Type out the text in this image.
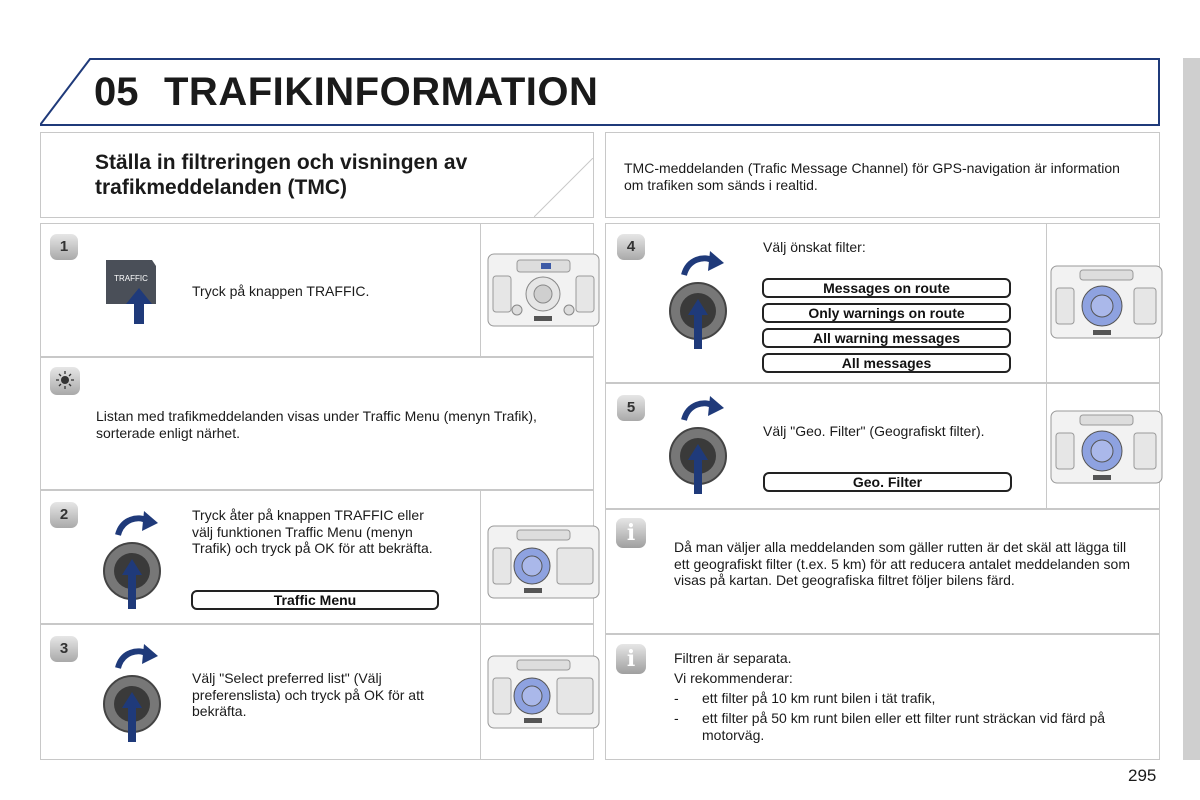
05 TRAFIKINFORMATION
Ställa in filtreringen och visningen av
trafikmeddelanden (TMC)
TMC-meddelanden (Trafic Message Channel) för GPS-navigation är information om trafiken som sänds i realtid.
1
TRAFFIC
Tryck på knappen TRAFFIC.
Listan med trafikmeddelanden visas under Traffic Menu (menyn Trafik), sorterade enligt närhet.
2	Tryck åter på knappen TRAFFIC eller välj funktionen Traffic Menu (menyn Trafik) och tryck på OK för att bekräfta.
Traffic Menu
3
Välj "Select preferred list" (Välj preferenslista) och tryck på OK för att bekräfta.
4	Välj önskat filter:
Messages on route
Only warnings on route
All warning messages
All messages
5
Välj "Geo. Filter" (Geografiskt filter).
Geo. Filter
i
Då man väljer alla meddelanden som gäller rutten är det skäl att lägga till ett geografiskt filter (t.ex. 5 km) för att reducera antalet meddelanden som visas på kartan. Det geografiska filtret följer bilens färd.
i	Filtren är separata.
Vi rekommenderar:
- ett filter på 10 km runt bilen i tät trafik,
- ett filter på 50 km runt bilen eller ett filter runt sträckan vid färd på motorväg.
295
